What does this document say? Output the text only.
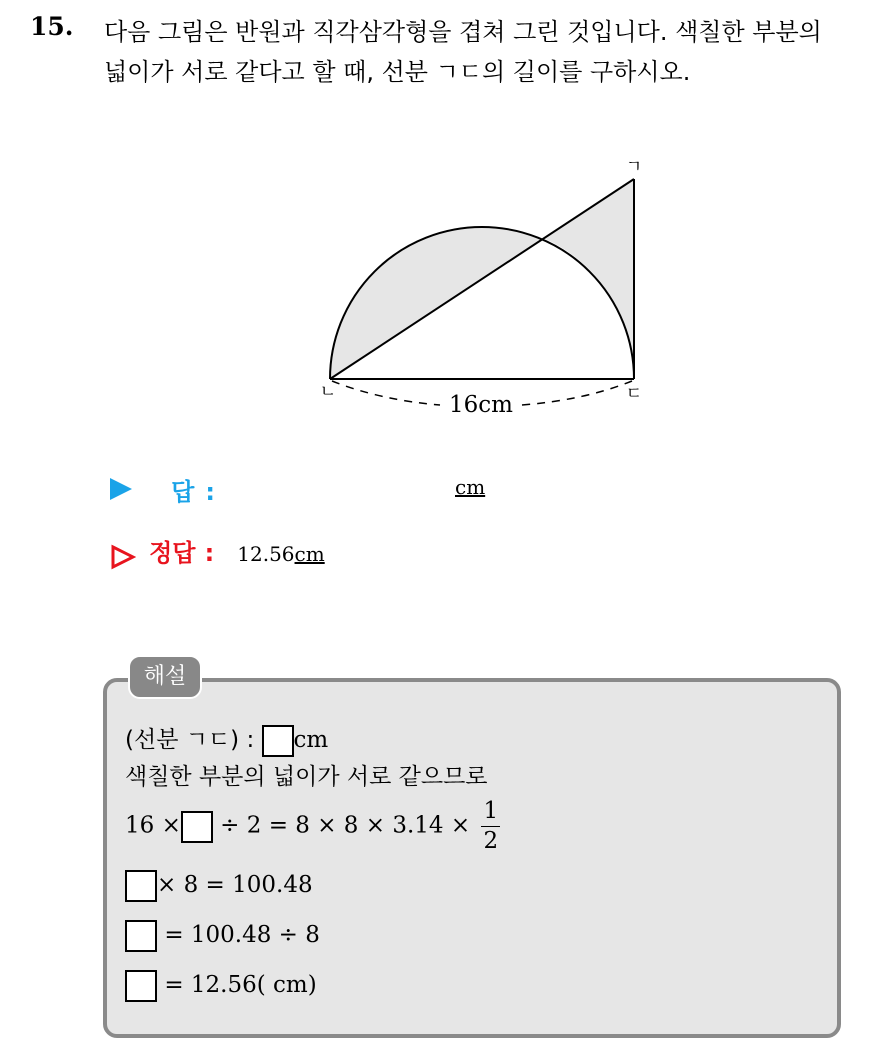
15. 다음 그림은 반원과 직각삼각형을 겹쳐 그린 것입니다. 색칠한 부분의
넓이가 서로 같다고 할 때, 선분 ㄱㄷ의 길이를 구하시오.
16cm
ㄱ
ㄴ	ㄷ
답 :	cm
정답 : 12.56cm
해설
(선분 ㄱㄷ) : cm
색칠한 부분의 넓이가 서로 같으므로
16 × ÷ $2 = 8 \times 8 \times 3.14 \times \frac{1}{2}$
× 8 = 100.48
= 100.48 ÷ 8
= 12.56( cm)
